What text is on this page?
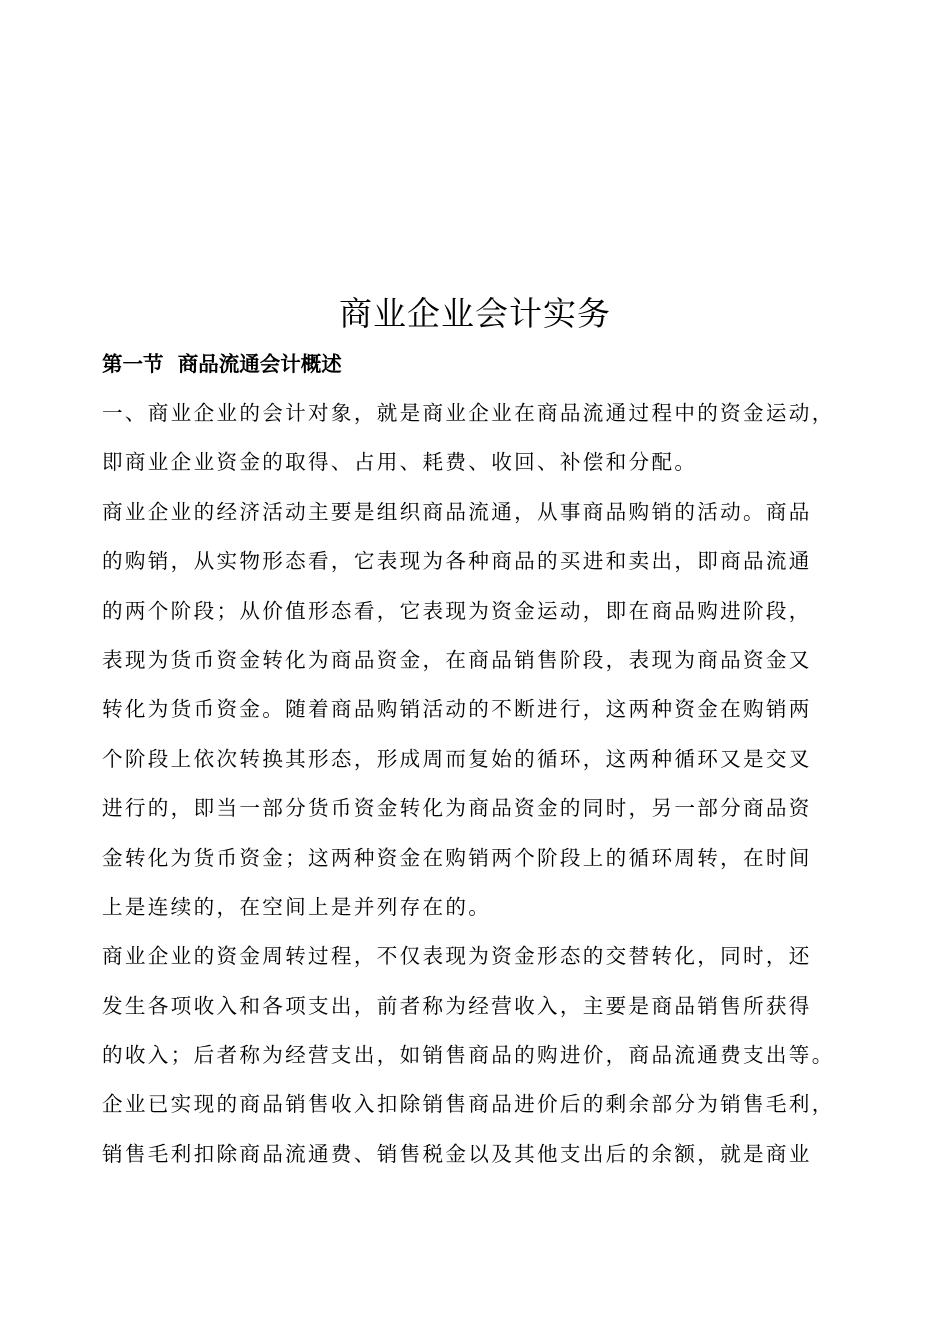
商业企业会计实务
第一节  商品流通会计概述
一、商业企业的会计对象，就是商业企业在商品流通过程中的资金运动，
即商业企业资金的取得、占用、耗费、收回、补偿和分配。
商业企业的经济活动主要是组织商品流通，从事商品购销的活动。商品
的购销，从实物形态看，它表现为各种商品的买进和卖出，即商品流通
的两个阶段；从价值形态看，它表现为资金运动，即在商品购进阶段，
表现为货币资金转化为商品资金，在商品销售阶段，表现为商品资金又
转化为货币资金。随着商品购销活动的不断进行，这两种资金在购销两
个阶段上依次转换其形态，形成周而复始的循环，这两种循环又是交叉
进行的，即当一部分货币资金转化为商品资金的同时，另一部分商品资
金转化为货币资金；这两种资金在购销两个阶段上的循环周转，在时间
上是连续的，在空间上是并列存在的。
商业企业的资金周转过程，不仅表现为资金形态的交替转化，同时，还
发生各项收入和各项支出，前者称为经营收入，主要是商品销售所获得
的收入；后者称为经营支出，如销售商品的购进价，商品流通费支出等。
企业已实现的商品销售收入扣除销售商品进价后的剩余部分为销售毛利，
销售毛利扣除商品流通费、销售税金以及其他支出后的余额，就是商业
